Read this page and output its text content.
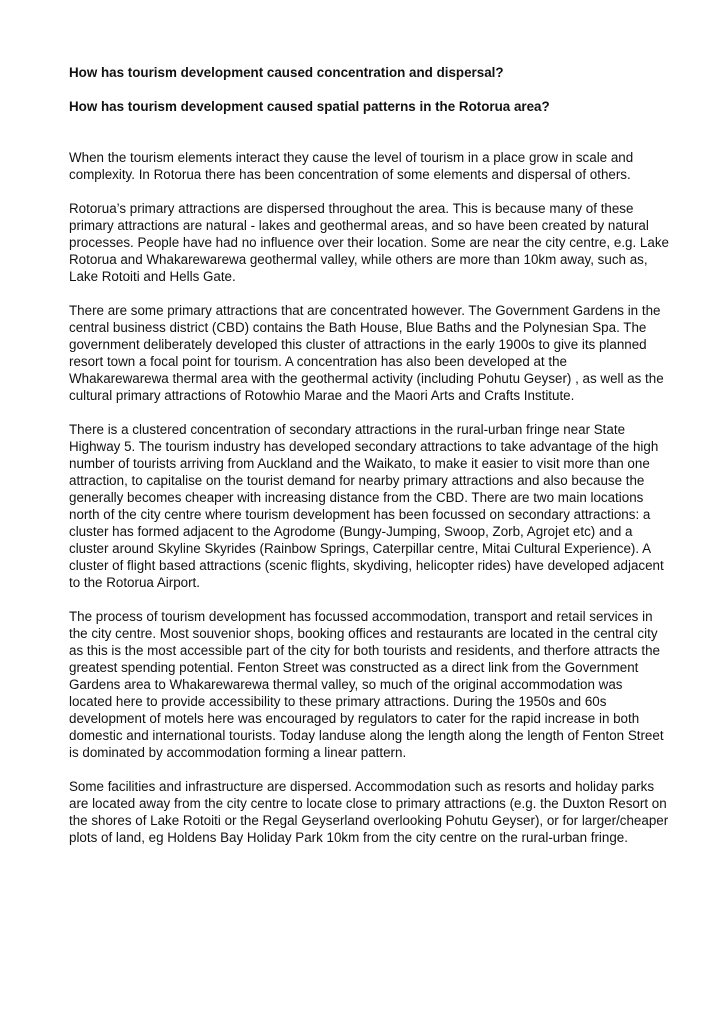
How has tourism development caused concentration and dispersal?

How has tourism development caused spatial patterns in the Rotorua area?

When the tourism elements interact they cause the level of tourism in a place grow in scale and complexity. In Rotorua there has been concentration of some elements and dispersal of others.

Rotorua’s primary attractions are dispersed throughout the area. This is because many of these primary attractions are natural - lakes and geothermal areas, and so have been created by natural processes. People have had no influence over their location. Some are near the city centre, e.g. Lake Rotorua and Whakarewarewa geothermal valley, while others are more than 10km away, such as, Lake Rotoiti and Hells Gate.

There are some primary attractions that are concentrated however. The Government Gardens in the central business district (CBD) contains the Bath House, Blue Baths and the Polynesian Spa. The government deliberately developed this cluster of attractions in the early 1900s to give its planned resort town a focal point for tourism. A concentration has also been developed at the Whakarewarewa thermal area with the geothermal activity (including Pohutu Geyser) , as well as the cultural primary attractions of Rotowhio Marae and the Maori Arts and Crafts Institute.

There is a clustered concentration of secondary attractions in the rural-urban fringe near State Highway 5. The tourism industry has developed secondary attractions to take advantage of the high number of tourists arriving from Auckland and the Waikato, to make it easier to visit more than one attraction, to capitalise on the tourist demand for nearby primary attractions and also because the generally becomes cheaper with increasing distance from the CBD. There are two main locations north of the city centre where tourism development has been focussed on secondary attractions: a cluster has formed adjacent to the Agrodome (Bungy-Jumping, Swoop, Zorb, Agrojet etc) and a cluster around Skyline Skyrides (Rainbow Springs, Caterpillar centre, Mitai Cultural Experience). A cluster of flight based attractions (scenic flights, skydiving, helicopter rides) have developed adjacent to the Rotorua Airport.

The process of tourism development has focussed accommodation, transport and retail services in the city centre. Most souvenior shops, booking offices and restaurants are located in the central city as this is the most accessible part of the city for both tourists and residents, and therfore attracts the greatest spending potential. Fenton Street was constructed as a direct link from the Government Gardens area to Whakarewarewa thermal valley, so much of the original accommodation was located here to provide accessibility to these primary attractions. During the 1950s and 60s development of motels here was encouraged by regulators to cater for the rapid increase in both domestic and international tourists. Today landuse along the length along the length of Fenton Street is dominated by accommodation forming a linear pattern.

Some facilities and infrastructure are dispersed. Accommodation such as resorts and holiday parks are located away from the city centre to locate close to primary attractions (e.g. the Duxton Resort on the shores of Lake Rotoiti or the Regal Geyserland overlooking Pohutu Geyser), or for larger/cheaper plots of land, eg Holdens Bay Holiday Park 10km from the city centre on the rural-urban fringe.
